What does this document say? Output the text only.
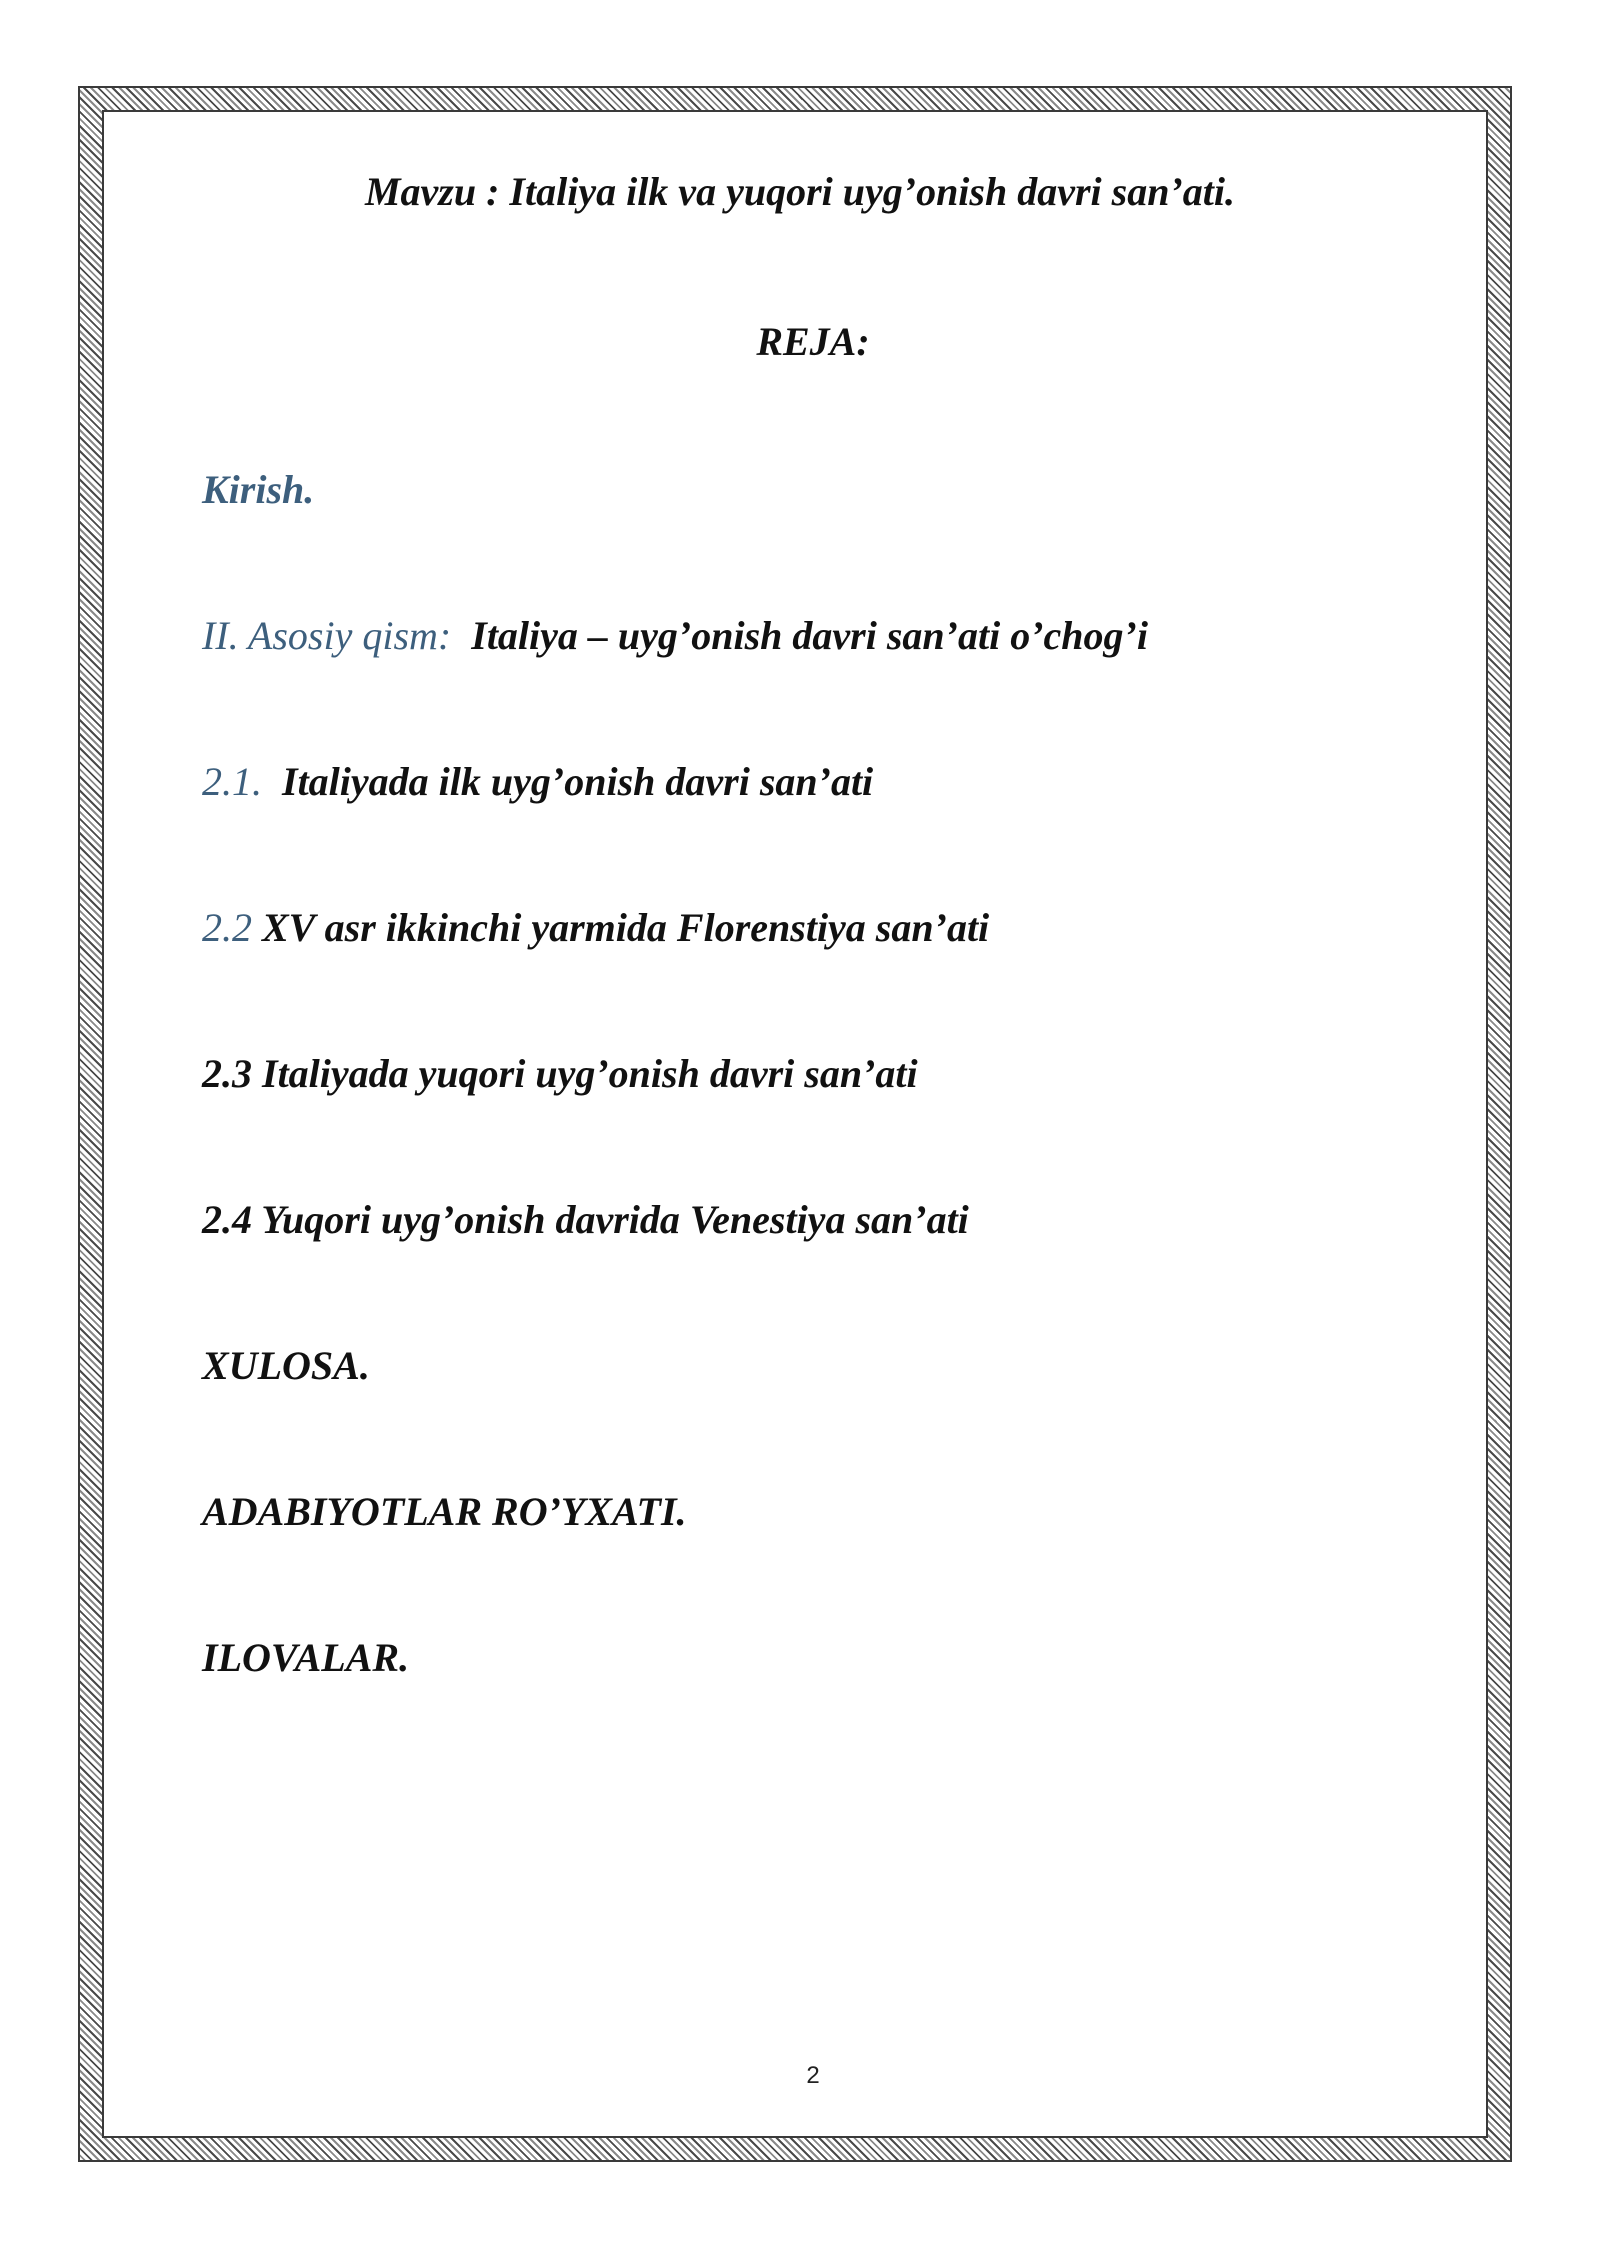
Mavzu : Italiya ilk va yuqori uyg’onish davri san’ati.

REJA:

Kirish.

II. Asosiy qism: Italiya – uyg’onish davri san’ati o’chog’i

2.1. Italiyada ilk uyg’onish davri san’ati

2.2 XV asr ikkinchi yarmida Florenstiya san’ati

2.3 Italiyada yuqori uyg’onish davri san’ati

2.4 Yuqori uyg’onish davrida Venestiya san’ati

XULOSA.

ADABIYOTLAR RO’YXATI.

ILOVALAR.

2
